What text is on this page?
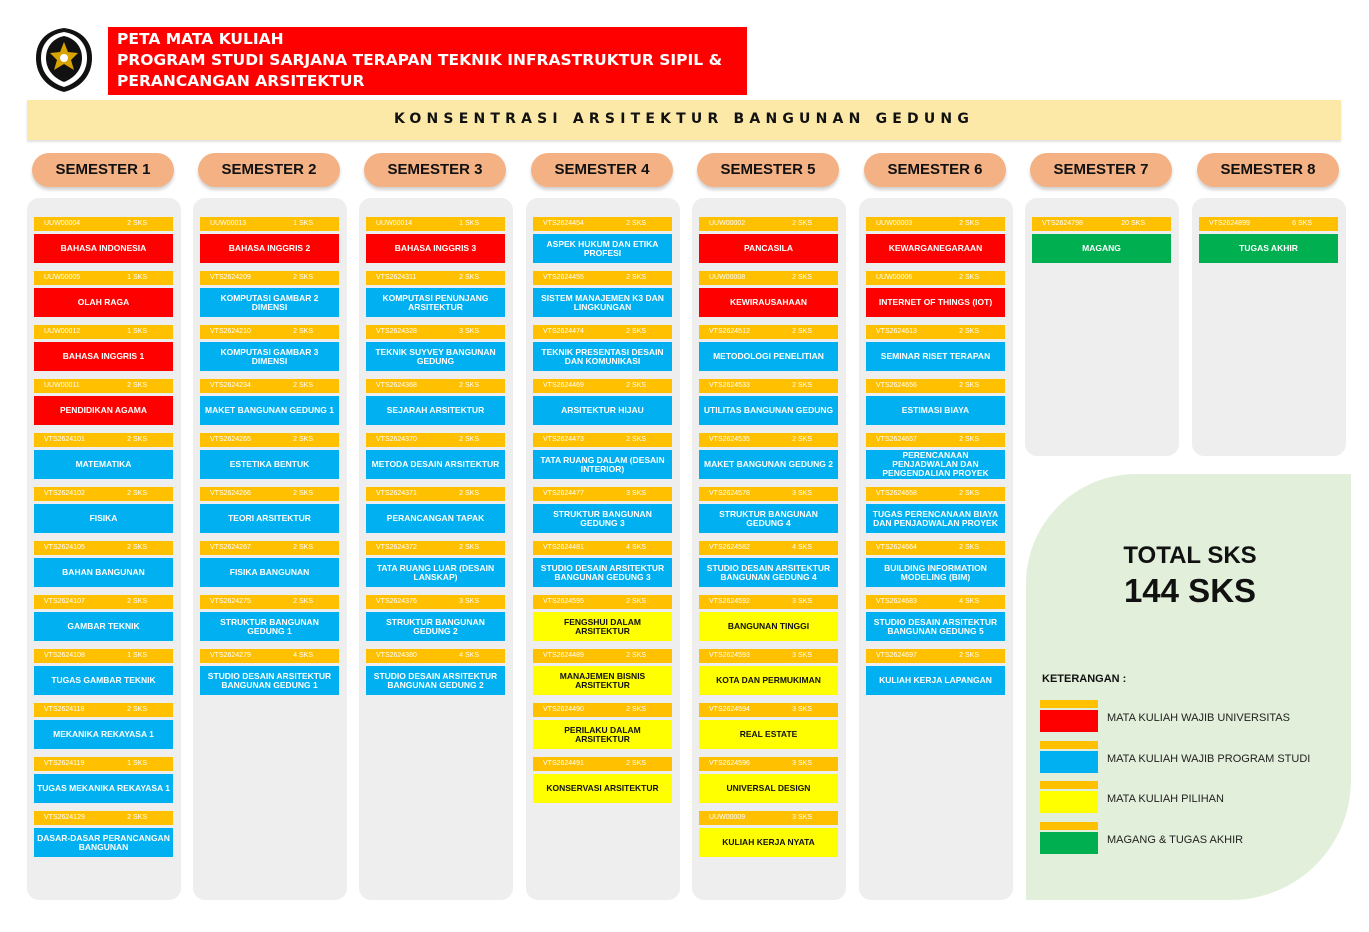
PETA MATA KULIAH
PROGRAM STUDI SARJANA TERAPAN TEKNIK INFRASTRUKTUR SIPIL &
PERANCANGAN ARSITEKTUR
KONSENTRASI ARSITEKTUR BANGUNAN GEDUNG
SEMESTER 1
UUW00004	2 SKS
BAHASA INDONESIA
UUW00005	1 SKS
OLAH RAGA
UUW00012	1 SKS
BAHASA INGGRIS 1
UUW00011	2 SKS
PENDIDIKAN AGAMA
VTS2624101	2 SKS
MATEMATIKA
VTS2624102	2 SKS
FISIKA
VTS2624105	2 SKS
BAHAN BANGUNAN
VTS2624107	2 SKS
GAMBAR TEKNIK
VTS2624108	1 SKS
TUGAS GAMBAR TEKNIK
VTS2624118	2 SKS
MEKANIKA REKAYASA 1
VTS2624119	1 SKS
TUGAS MEKANIKA REKAYASA 1
VTS2624129	2 SKS
DASAR-DASAR PERANCANGAN BANGUNAN
SEMESTER 2
UUW00013	1 SKS
BAHASA INGGRIS 2
VTS2624209	2 SKS
KOMPUTASI GAMBAR 2 DIMENSI
VTS2624210	2 SKS
KOMPUTASI GAMBAR 3 DIMENSI
VTS2624234	2 SKS
MAKET BANGUNAN GEDUNG 1
VTS2624265	2 SKS
ESTETIKA BENTUK
VTS2624266	2 SKS
TEORI ARSITEKTUR
VTS2624267	2 SKS
FISIKA BANGUNAN
VTS2624275	2 SKS
STRUKTUR BANGUNAN GEDUNG 1
VTS2624279	4 SKS
STUDIO DESAIN ARSITEKTUR BANGUNAN GEDUNG 1
SEMESTER 3
UUW00014	1 SKS
BAHASA INGGRIS 3
VTS2624311	2 SKS
KOMPUTASI PENUNJANG ARSITEKTUR
VTS2624328	3 SKS
TEKNIK SUYVEY BANGUNAN GEDUNG
VTS2624368	2 SKS
SEJARAH ARSITEKTUR
VTS2624370	2 SKS
METODA DESAIN ARSITEKTUR
VTS2624371	2 SKS
PERANCANGAN TAPAK
VTS2624372	2 SKS
TATA RUANG LUAR (DESAIN LANSKAP)
VTS2624376	3 SKS
STRUKTUR BANGUNAN GEDUNG 2
VTS2624380	4 SKS
STUDIO DESAIN ARSITEKTUR BANGUNAN GEDUNG 2
SEMESTER 4
VTS2624454	2 SKS
ASPEK HUKUM DAN ETIKA PROFESI
VTS2624455	2 SKS
SISTEM MANAJEMEN K3 DAN LINGKUNGAN
VTS2624474	2 SKS
TEKNIK PRESENTASI DESAIN DAN KOMUNIKASI
VTS2624469	2 SKS
ARSITEKTUR HIJAU
VTS2624473	2 SKS
TATA RUANG DALAM (DESAIN INTERIOR)
VTS2624477	3 SKS
STRUKTUR BANGUNAN GEDUNG 3
VTS2624481	4 SKS
STUDIO DESAIN ARSITEKTUR BANGUNAN GEDUNG 3
VTS2624595	2 SKS
FENGSHUI DALAM ARSITEKTUR
VTS2624489	2 SKS
MANAJEMEN BISNIS ARSITEKTUR
VTS2624490	2 SKS
PERILAKU DALAM ARSITEKTUR
VTS2624491	2 SKS
KONSERVASI ARSITEKTUR
SEMESTER 5
UUW00002	2 SKS
PANCASILA
UUW00008	2 SKS
KEWIRAUSAHAAN
VTS2624512	2 SKS
METODOLOGI PENELITIAN
VTS2624533	2 SKS
UTILITAS BANGUNAN GEDUNG
VTS2624535	2 SKS
MAKET BANGUNAN GEDUNG 2
VTS2624578	3 SKS
STRUKTUR BANGUNAN GEDUNG 4
VTS2624582	4 SKS
STUDIO DESAIN ARSITEKTUR BANGUNAN GEDUNG 4
VTS2624592	3 SKS
BANGUNAN TINGGI
VTS2624593	3 SKS
KOTA DAN PERMUKIMAN
VTS2624594	3 SKS
REAL ESTATE
VTS2624596	3 SKS
UNIVERSAL DESIGN
UUW00009	3 SKS
KULIAH KERJA NYATA
SEMESTER 6
UUW00003	2 SKS
KEWARGANEGARAAN
UUW00006	2 SKS
INTERNET OF THINGS (IOT)
VTS2624613	2 SKS
SEMINAR RISET TERAPAN
VTS2624656	2 SKS
ESTIMASI BIAYA
VTS2624657	2 SKS
PERENCANAAN PENJADWALAN DAN PENGENDALIAN PROYEK
VTS2624658	2 SKS
TUGAS PERENCANAAN BIAYA DAN PENJADWALAN PROYEK
VTS2624664	2 SKS
BUILDING INFORMATION MODELING (BIM)
VTS2624683	4 SKS
STUDIO DESAIN ARSITEKTUR BANGUNAN GEDUNG 5
VTS2624697	2 SKS
KULIAH KERJA LAPANGAN
SEMESTER 7
VTS2624798	20 SKS
MAGANG
SEMESTER 8
VTS2624899	6 SKS
TUGAS AKHIR
TOTAL SKS
144 SKS
KETERANGAN :
MATA KULIAH WAJIB UNIVERSITAS
MATA KULIAH WAJIB PROGRAM STUDI
MATA KULIAH PILIHAN
MAGANG & TUGAS AKHIR
